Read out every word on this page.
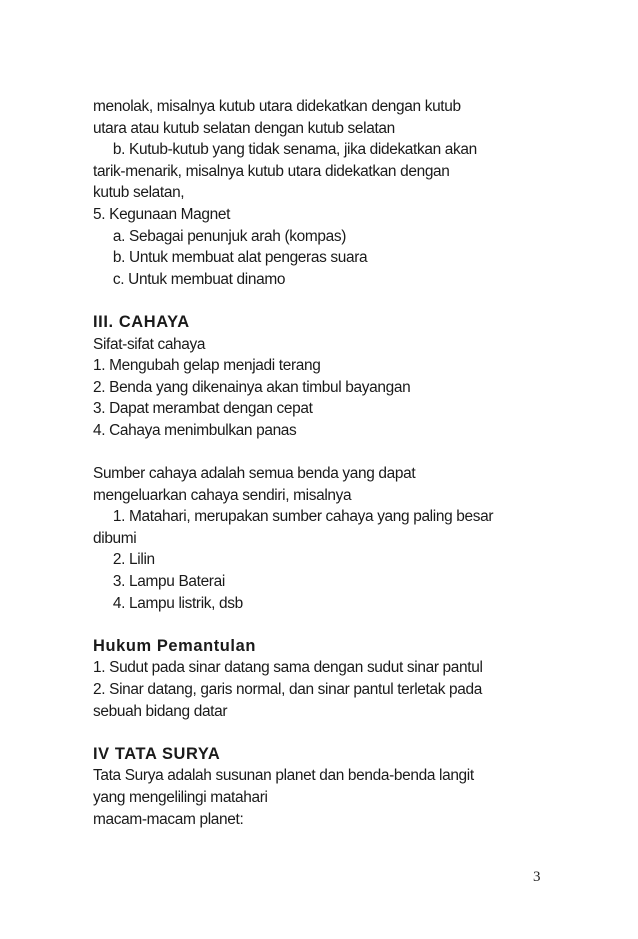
menolak, misalnya kutub utara didekatkan dengan kutub
utara atau kutub selatan dengan kutub selatan
b. Kutub-kutub yang tidak senama, jika didekatkan akan
tarik-menarik, misalnya kutub utara didekatkan dengan
kutub selatan,
5. Kegunaan Magnet
a. Sebagai penunjuk arah (kompas)
b. Untuk membuat alat pengeras suara
c. Untuk membuat dinamo
III. CAHAYA
Sifat-sifat cahaya
1. Mengubah gelap menjadi terang
2. Benda yang dikenainya akan timbul bayangan
3. Dapat merambat dengan cepat
4. Cahaya menimbulkan panas
Sumber cahaya adalah semua benda yang dapat
mengeluarkan cahaya sendiri, misalnya
1. Matahari, merupakan sumber cahaya yang paling besar
dibumi
2. Lilin
3. Lampu Baterai
4. Lampu listrik, dsb
Hukum Pemantulan
1. Sudut pada sinar datang sama dengan sudut sinar pantul
2. Sinar datang, garis normal, dan sinar pantul terletak pada
sebuah bidang datar
IV TATA SURYA
Tata Surya adalah susunan planet dan benda-benda langit
yang mengelilingi matahari
macam-macam planet:
3
